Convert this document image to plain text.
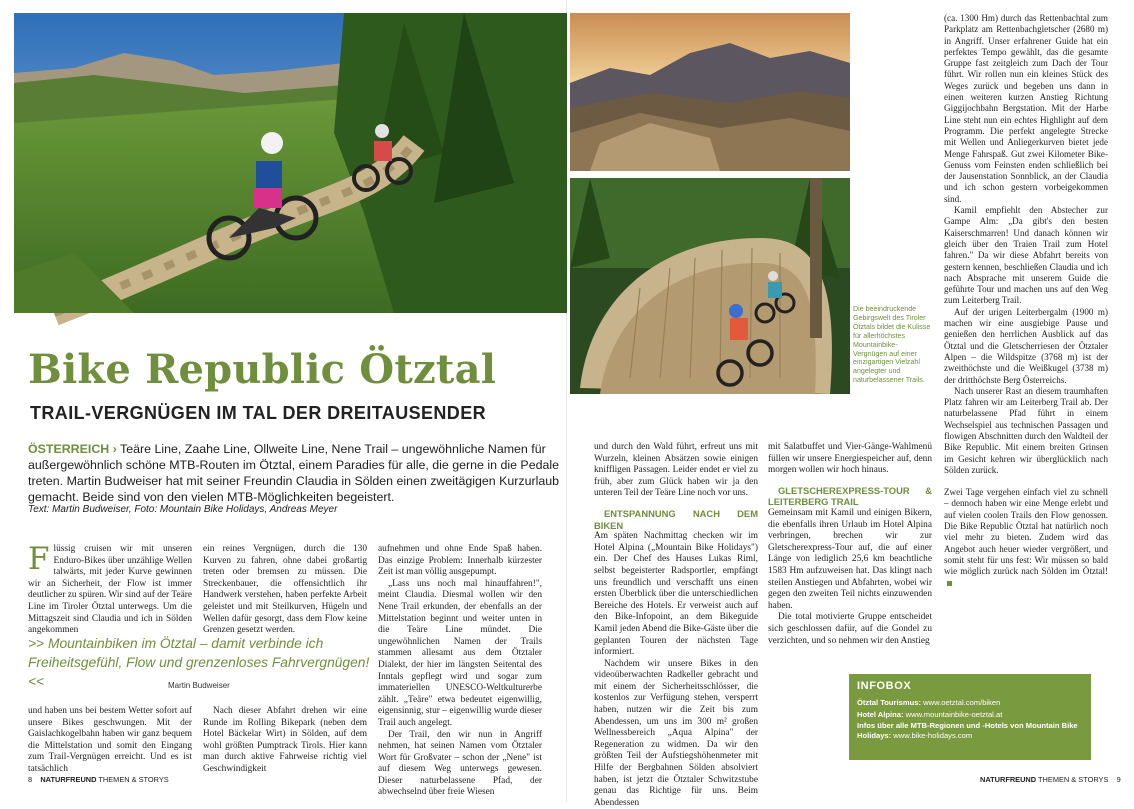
Bike Republic Ötztal
TRAIL-VERGNÜGEN IM TAL DER DREITAUSENDER

ÖSTERREICH › Teäre Line, Zaahe Line, Ollweite Line, Nene Trail – ungewöhnliche Namen für außergewöhnlich schöne MTB-Routen im Ötztal, einem Paradies für alle, die gerne in die Pedale treten. Martin Budweiser hat mit seiner Freundin Claudia in Sölden einen zweitägigen Kurzurlaub gemacht. Beide sind von den vielen MTB-Möglichkeiten begeistert.

Text: Martin Budweiser, Foto: Mountain Bike Holidays, Andreas Meyer

Flüssig cruisen wir mit unseren Enduro-Bikes über unzählige Wellen talwärts, mit jeder Kurve gewinnen wir an Sicherheit, der Flow ist immer deutlicher zu spüren. Wir sind auf der Teäre Line im Tiroler Ötztal unterwegs. Um die Mittagszeit sind Claudia und ich in Sölden angekommen

ein reines Vergnügen, durch die 130 Kurven zu fahren, ohne dabei großartig treten oder bremsen zu müssen. Die Streckenbauer, die offensichtlich ihr Handwerk verstehen, haben perfekte Arbeit geleistet und mit Steilkurven, Hügeln und Wellen dafür gesorgt, dass dem Flow keine Grenzen gesetzt werden.

>> Mountainbiken im Ötztal – damit verbinde ich Freiheitsgefühl, Flow und grenzenloses Fahrvergnügen! <<	Martin Budweiser

und haben uns bei bestem Wetter sofort auf unsere Bikes geschwungen. Mit der Gaislachkogelbahn haben wir ganz bequem die Mittelstation und somit den Eingang zum Trail-Vergnügen erreicht. Und es ist tatsächlich

Nach dieser Abfahrt drehen wir eine Runde im Rolling Bikepark (neben dem Hotel Bäckelar Wirt) in Sölden, auf dem wohl größten Pumptrack Tirols. Hier kann man durch aktive Fahrweise richtig viel Geschwindigkeit

aufnehmen und ohne Ende Spaß haben. Das einzige Problem: Innerhalb kürzester Zeit ist man völlig ausgepumpt.

„Lass uns noch mal hinauffahren!", meint Claudia. Diesmal wollen wir den Nene Trail erkunden, der ebenfalls an der Mittelstation beginnt und weiter unten in die Teäre Line mündet. Die ungewöhnlichen Namen der Trails stammen allesamt aus dem Ötztaler Dialekt, der hier im längsten Seitental des Inntals gepflegt wird und sogar zum immateriellen UNESCO-Weltkulturerbe zählt. „Teäre" etwa bedeutet eigenwillig, eigensinnig, stur – eigenwillig wurde dieser Trail auch angelegt.

Der Trail, den wir nun in Angriff nehmen, hat seinen Namen vom Ötztaler Wort für Großvater – schon der „Nene" ist auf diesem Weg unterwegs gewesen. Dieser naturbelassene Pfad, der abwechselnd über freie Wiesen

und durch den Wald führt, erfreut uns mit Wurzeln, kleinen Absätzen sowie einigen kniffligen Passagen. Leider endet er viel zu früh, aber zum Glück haben wir ja den unteren Teil der Teäre Line noch vor uns.

ENTSPANNUNG NACH DEM BIKEN

Am späten Nachmittag checken wir im Hotel Alpina („Mountain Bike Holidays") ein. Der Chef des Hauses Lukas Riml, selbst begeisterter Radsportler, empfängt uns freundlich und verschafft uns einen ersten Überblick über die unterschiedlichen Bereiche des Hotels. Er verweist auch auf den Bike-Infopoint, an dem Bikeguide Kamil jeden Abend die Bike-Gäste über die geplanten Touren der nächsten Tage informiert.

Nachdem wir unsere Bikes in den videoüberwachten Radkeller gebracht und mit einem der Sicherheitsschlösser, die kostenlos zur Verfügung stehen, versperrt haben, nutzen wir die Zeit bis zum Abendessen, um uns im 300 m² großen Wellnessbereich „Aqua Alpina" der Regeneration zu widmen. Da wir den größten Teil der Aufstiegshöhenmeter mit Hilfe der Bergbahnen Sölden absolviert haben, ist jetzt die Ötztaler Schwitzstube genau das Richtige für uns. Beim Abendessen

mit Salatbuffet und Vier-Gänge-Wahlmenü füllen wir unsere Energiespeicher auf, denn morgen wollen wir hoch hinaus.

GLETSCHEREXPRESS-TOUR & LEITERBERG TRAIL

Gemeinsam mit Kamil und einigen Bikern, die ebenfalls ihren Urlaub im Hotel Alpina verbringen, brechen wir zur Gletscherexpress-Tour auf, die auf einer Länge von lediglich 25,6 km beachtliche 1583 Hm aufzuweisen hat. Das klingt nach steilen Anstiegen und Abfahrten, wobei wir gegen den zweiten Teil nichts einzuwenden haben.

Die total motivierte Gruppe entscheidet sich geschlossen dafür, auf die Gondel zu verzichten, und so nehmen wir den Anstieg

Die beeindruckende Gebirgswelt des Tiroler Ötztals bildet die Kulisse für allerhöchstes Mountainbike-Vergnügen auf einer einzigartigen Vielzahl angelegter und naturbelassener Trails.

(ca. 1300 Hm) durch das Rettenbachtal zum Parkplatz am Rettenbachgletscher (2680 m) in Angriff. Unser erfahrener Guide hat ein perfektes Tempo gewählt, das die gesamte Gruppe fast zeitgleich zum Dach der Tour führt. Wir rollen nun ein kleines Stück des Weges zurück und begeben uns dann in einen weiteren kurzen Anstieg Richtung Giggijochbahn Bergstation. Mit der Harbe Line steht nun ein echtes Highlight auf dem Programm. Die perfekt angelegte Strecke mit Wellen und Anliegerkurven bietet jede Menge Fahrspaß. Gut zwei Kilometer Bike-Genuss vom Feinsten enden schließlich bei der Jausenstation Sonnblick, an der Claudia und ich schon gestern vorbeigekommen sind.

Kamil empfiehlt den Abstecher zur Gampe Alm: „Da gibt's den besten Kaiserschmarren! Und danach können wir gleich über den Traien Trail zum Hotel fahren." Da wir diese Abfahrt bereits von gestern kennen, beschließen Claudia und ich nach Absprache mit unserem Guide die geführte Tour und machen uns auf den Weg zum Leiterberg Trail.

Auf der urigen Leiterbergalm (1900 m) machen wir eine ausgiebige Pause und genießen den herrlichen Ausblick auf das Ötztal und die Gletscherriesen der Ötztaler Alpen – die Wildspitze (3768 m) ist der zweithöchste und die Weißkugel (3738 m) der dritthöchste Berg Österreichs.

Nach unserer Rast an diesem traumhaften Platz fahren wir am Leiterberg Trail ab. Der naturbelassene Pfad führt in einem Wechselspiel aus technischen Passagen und flowigen Abschnitten durch den Waldteil der Bike Republic. Mit einem breiten Grinsen im Gesicht kehren wir überglücklich nach Sölden zurück.

Zwei Tage vergehen einfach viel zu schnell – dennoch haben wir eine Menge erlebt und auf vielen coolen Trails den Flow genossen. Die Bike Republic Ötztal hat natürlich noch viel mehr zu bieten. Zudem wird das Angebot auch heuer wieder vergrößert, und somit steht für uns fest: Wir müssen so bald wie möglich zurück nach Sölden im Ötztal!

INFOBOX

Ötztal Tourismus: www.oetztal.com/biken

Hotel Alpina: www.mountainbike-oetztal.at

Infos über alle MTB-Regionen und -Hotels von Mountain Bike Holidays: www.bike-holidays.com

8 NATURFREUND THEMEN & STORYS	NATURFREUND THEMEN & STORYS 9
